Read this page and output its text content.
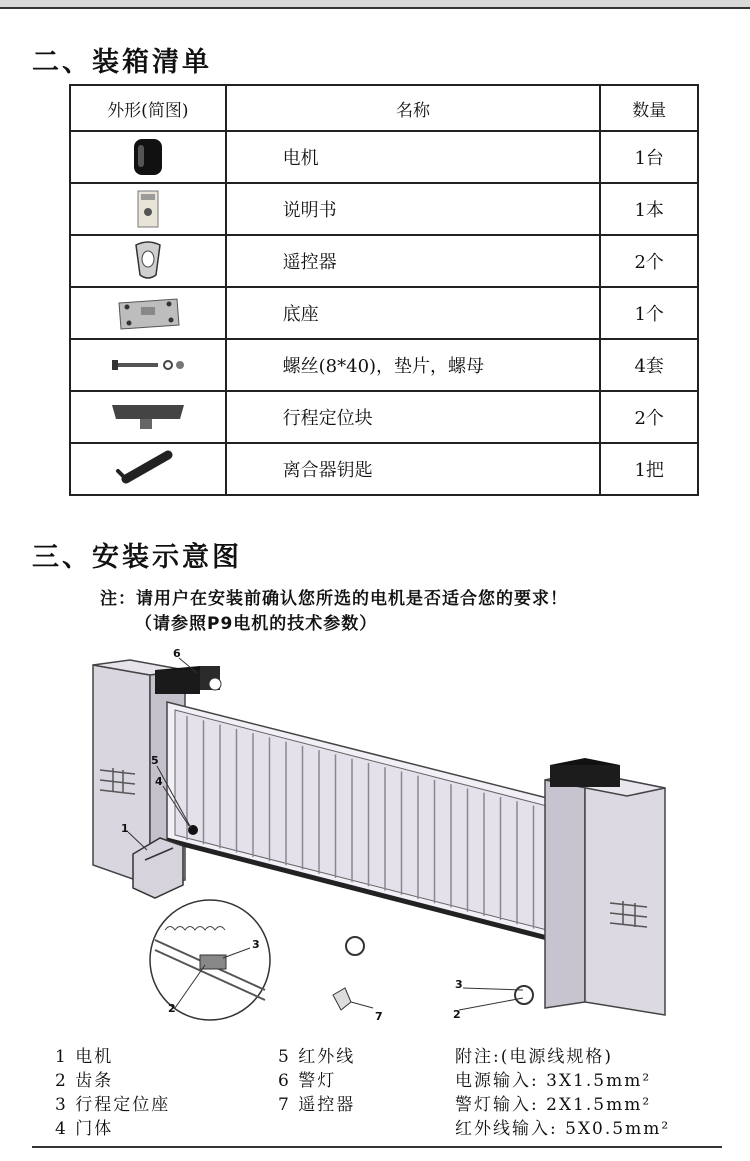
二、装箱清单
外形(简图)	名称	数量
	电机	1台
	说明书	1本
	遥控器	2个
	底座	1个
	螺丝(8*40)，垫片，螺母	4套
	行程定位块	2个
	离合器钥匙	1把
三、安装示意图
注：请用户在安装前确认您所选的电机是否适合您的要求！
（请参照P9电机的技术参数）
6
5
4
1
3
2
3
2
7
1 电机
2 齿条
3 行程定位座
4 门体
5 红外线
6 警灯
7 遥控器
附注:(电源线规格)
电源输入: 3X1.5mm²
警灯输入: 2X1.5mm²
红外线输入: 5X0.5mm²
